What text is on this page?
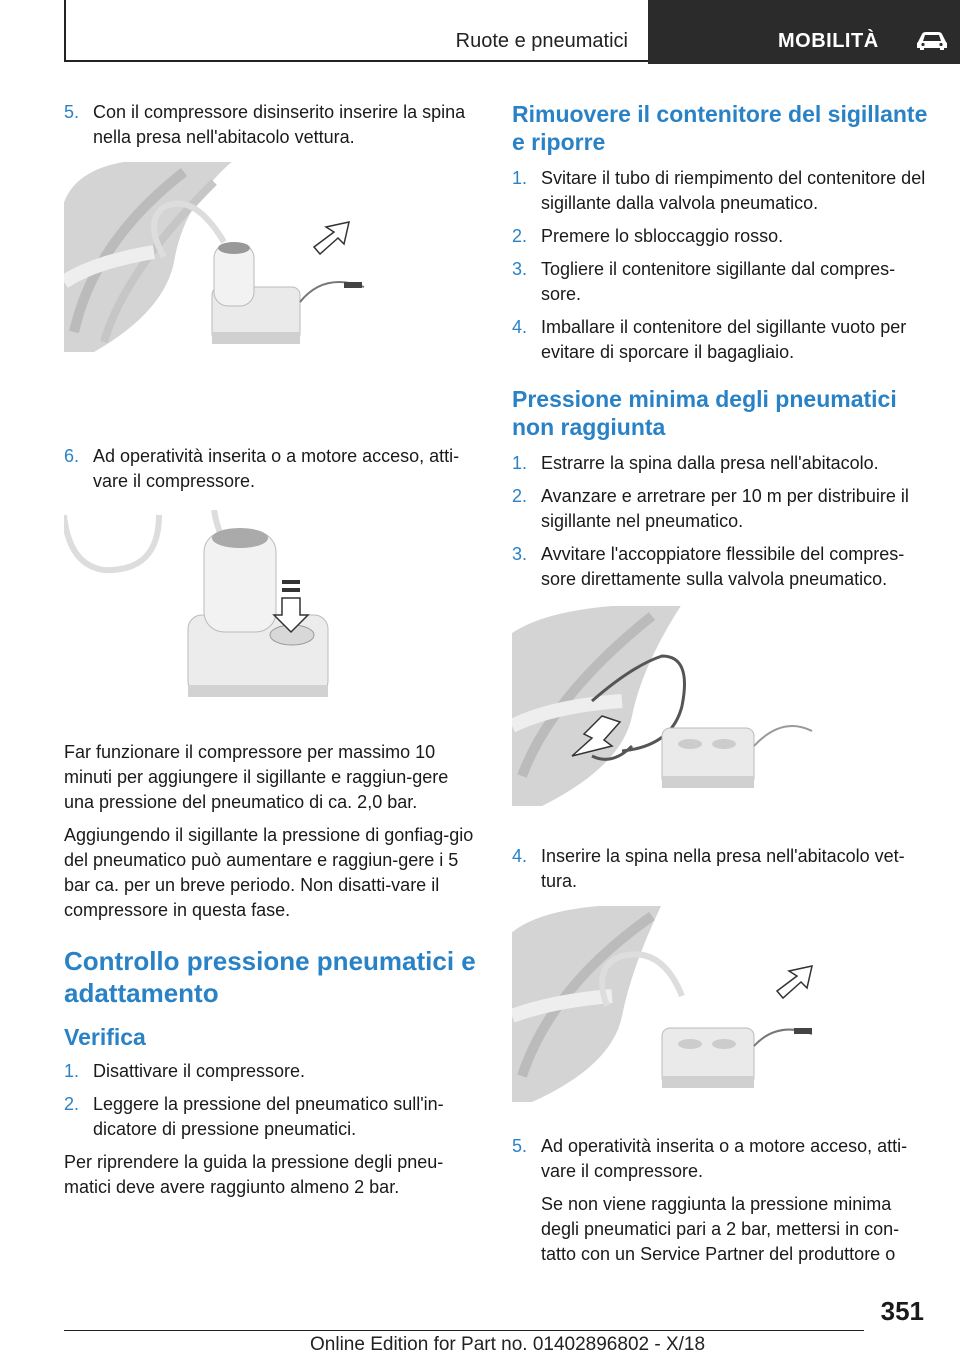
Ruote e pneumatici	MOBILITÀ
5. Con il compressore disinserito inserire la spina nella presa nell'abitacolo vettura.
6. Ad operatività inserita o a motore acceso, atti‐vare il compressore.

Far funzionare il compressore per massimo 10 minuti per aggiungere il sigillante e raggiun‐gere una pressione del pneumatico di ca. 2,0 bar.

Aggiungendo il sigillante la pressione di gonfiag‐gio del pneumatico può aumentare e raggiun‐gere i 5 bar ca. per un breve periodo. Non disatti‐vare il compressore in questa fase.

Controllo pressione pneumatici e adattamento
Verifica
1. Disattivare il compressore.
2. Leggere la pressione del pneumatico sull'in‐dicatore di pressione pneumatici.

Per riprendere la guida la pressione degli pneu‐matici deve avere raggiunto almeno 2 bar.

Rimuovere il contenitore del sigillante e riporre
1. Svitare il tubo di riempimento del contenitore del sigillante dalla valvola pneumatico.
2. Premere lo sbloccaggio rosso.
3. Togliere il contenitore sigillante dal compres‐sore.
4. Imballare il contenitore del sigillante vuoto per evitare di sporcare il bagagliaio.
Pressione minima degli pneumatici non raggiunta
1. Estrarre la spina dalla presa nell'abitacolo.
2. Avanzare e arretrare per 10 m per distribuire il sigillante nel pneumatico.
3. Avvitare l'accoppiatore flessibile del compres‐sore direttamente sulla valvola pneumatico.
4. Inserire la spina nella presa nell'abitacolo vet‐tura.
5. Ad operatività inserita o a motore acceso, atti‐vare il compressore.

Se non viene raggiunta la pressione minima degli pneumatici pari a 2 bar, mettersi in con‐tatto con un Service Partner del produttore o

351
Online Edition for Part no. 01402896802 - X/18
